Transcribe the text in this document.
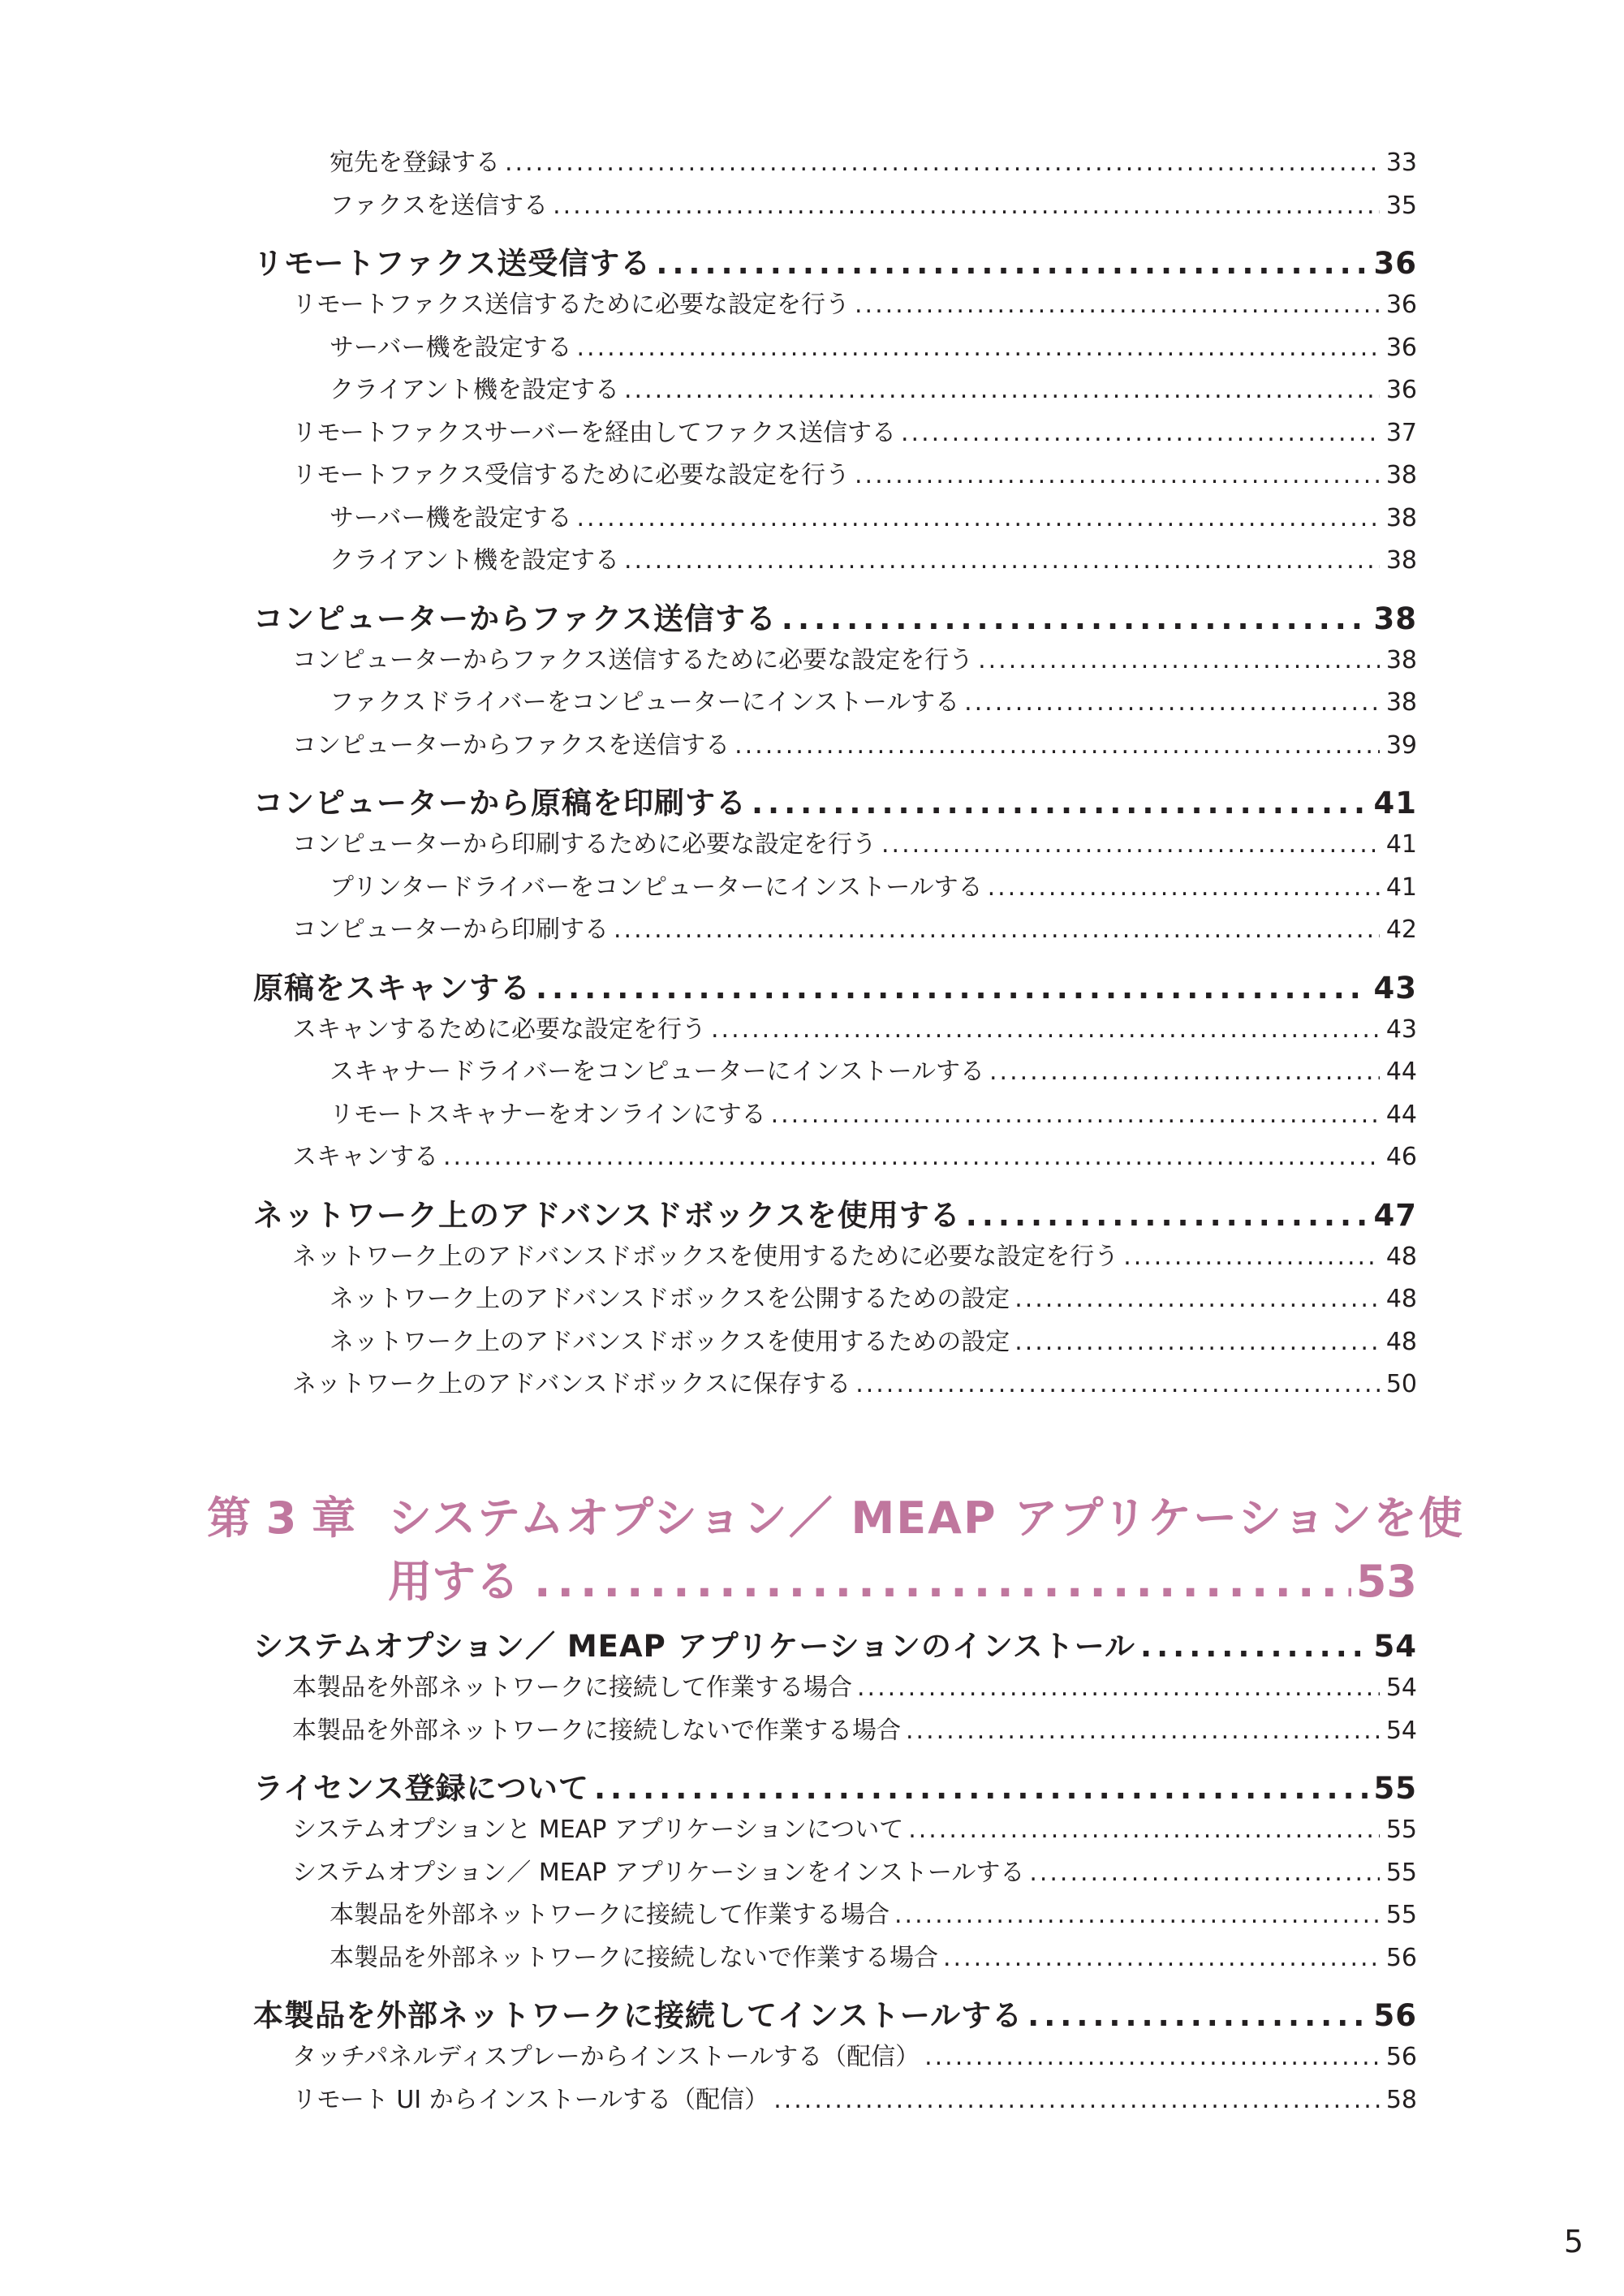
宛先を登録する .....	33
ファクスを送信する .....	35
リモートファクス送受信する .....	36
リモートファクス送信するために必要な設定を行う .....	36
サーバー機を設定する .....	36
クライアント機を設定する .....	36
リモートファクスサーバーを経由してファクス送信する .....	37
リモートファクス受信するために必要な設定を行う .....	38
サーバー機を設定する .....	38
クライアント機を設定する .....	38
コンピューターからファクス送信する .....	38
コンピューターからファクス送信するために必要な設定を行う .....	38
ファクスドライバーをコンピューターにインストールする .....	38
コンピューターからファクスを送信する .....	39
コンピューターから原稿を印刷する .....	41
コンピューターから印刷するために必要な設定を行う .....	41
プリンタードライバーをコンピューターにインストールする .....	41
コンピューターから印刷する .....	42
原稿をスキャンする .....	43
スキャンするために必要な設定を行う .....	43
スキャナードライバーをコンピューターにインストールする .....	44
リモートスキャナーをオンラインにする .....	44
スキャンする .....	46
ネットワーク上のアドバンスドボックスを使用する .....	47
ネットワーク上のアドバンスドボックスを使用するために必要な設定を行う .....	48
ネットワーク上のアドバンスドボックスを公開するための設定 .....	48
ネットワーク上のアドバンスドボックスを使用するための設定 .....	48
ネットワーク上のアドバンスドボックスに保存する .....	50
第 3 章 システムオプション／ MEAP アプリケーションを使
用する .....	53
システムオプション／ MEAP アプリケーションのインストール .....	54
本製品を外部ネットワークに接続して作業する場合 .....	54
本製品を外部ネットワークに接続しないで作業する場合 .....	54
ライセンス登録について .....	55
システムオプションと MEAP アプリケーションについて .....	55
システムオプション／ MEAP アプリケーションをインストールする .....	55
本製品を外部ネットワークに接続して作業する場合 .....	55
本製品を外部ネットワークに接続しないで作業する場合 .....	56
本製品を外部ネットワークに接続してインストールする .....	56
タッチパネルディスプレーからインストールする（配信） .....	56
リモート UI からインストールする（配信） .....	58
5
